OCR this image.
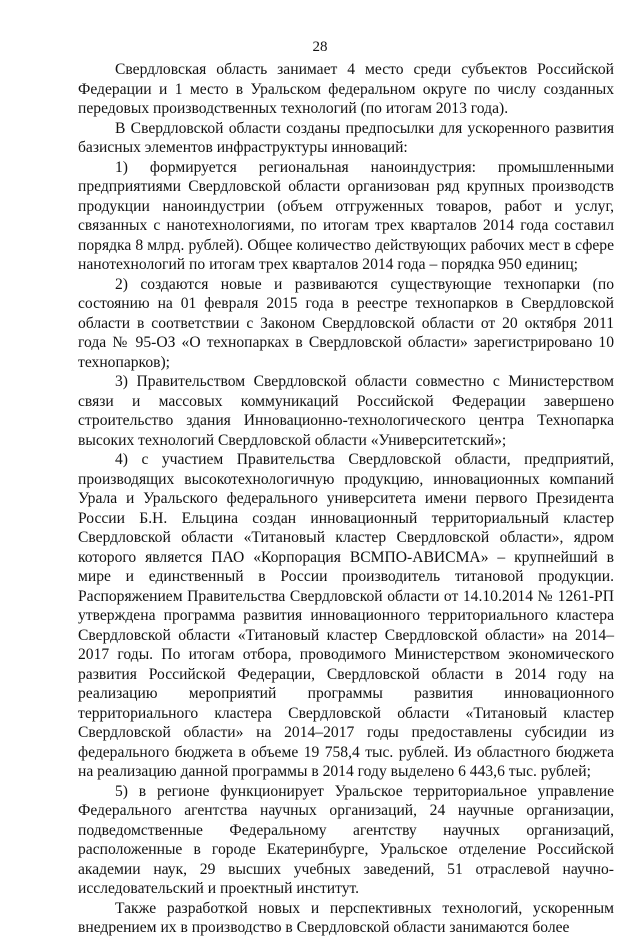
28

Свердловская область занимает 4 место среди субъектов Российской Федерации и 1 место в Уральском федеральном округе по числу созданных передовых производственных технологий (по итогам 2013 года).

В Свердловской области созданы предпосылки для ускоренного развития базисных элементов инфраструктуры инноваций:

1) формируется региональная наноиндустрия: промышленными предприятиями Свердловской области организован ряд крупных производств продукции наноиндустрии (объем отгруженных товаров, работ и услуг, связанных с нанотехнологиями, по итогам трех кварталов 2014 года составил порядка 8 млрд. рублей). Общее количество действующих рабочих мест в сфере нанотехнологий по итогам трех кварталов 2014 года – порядка 950 единиц;

2) создаются новые и развиваются существующие технопарки (по состоянию на 01 февраля 2015 года в реестре технопарков в Свердловской области в соответствии с Законом Свердловской области от 20 октября 2011 года № 95-ОЗ «О технопарках в Свердловской области» зарегистрировано 10 технопарков);

3) Правительством Свердловской области совместно с Министерством связи и массовых коммуникаций Российской Федерации завершено строительство здания Инновационно-технологического центра Технопарка высоких технологий Свердловской области «Университетский»;

4) с участием Правительства Свердловской области, предприятий, производящих высокотехнологичную продукцию, инновационных компаний Урала и Уральского федерального университета имени первого Президента России Б.Н. Ельцина создан инновационный территориальный кластер Свердловской области «Титановый кластер Свердловской области», ядром которого является ПАО «Корпорация ВСМПО-АВИСМА» – крупнейший в мире и единственный в России производитель титановой продукции. Распоряжением Правительства Свердловской области от 14.10.2014 № 1261-РП утверждена программа развития инновационного территориального кластера Свердловской области «Титановый кластер Свердловской области» на 2014–2017 годы. По итогам отбора, проводимого Министерством экономического развития Российской Федерации, Свердловской области в 2014 году на реализацию мероприятий программы развития инновационного территориального кластера Свердловской области «Титановый кластер Свердловской области» на 2014–2017 годы предоставлены субсидии из федерального бюджета в объеме 19 758,4 тыс. рублей. Из областного бюджета на реализацию данной программы в 2014 году выделено 6 443,6 тыс. рублей;

5) в регионе функционирует Уральское территориальное управление Федерального агентства научных организаций, 24 научные организации, подведомственные Федеральному агентству научных организаций, расположенные в городе Екатеринбурге, Уральское отделение Российской академии наук, 29 высших учебных заведений, 51 отраслевой научно-исследовательский и проектный институт.

Также разработкой новых и перспективных технологий, ускоренным внедрением их в производство в Свердловской области занимаются более
